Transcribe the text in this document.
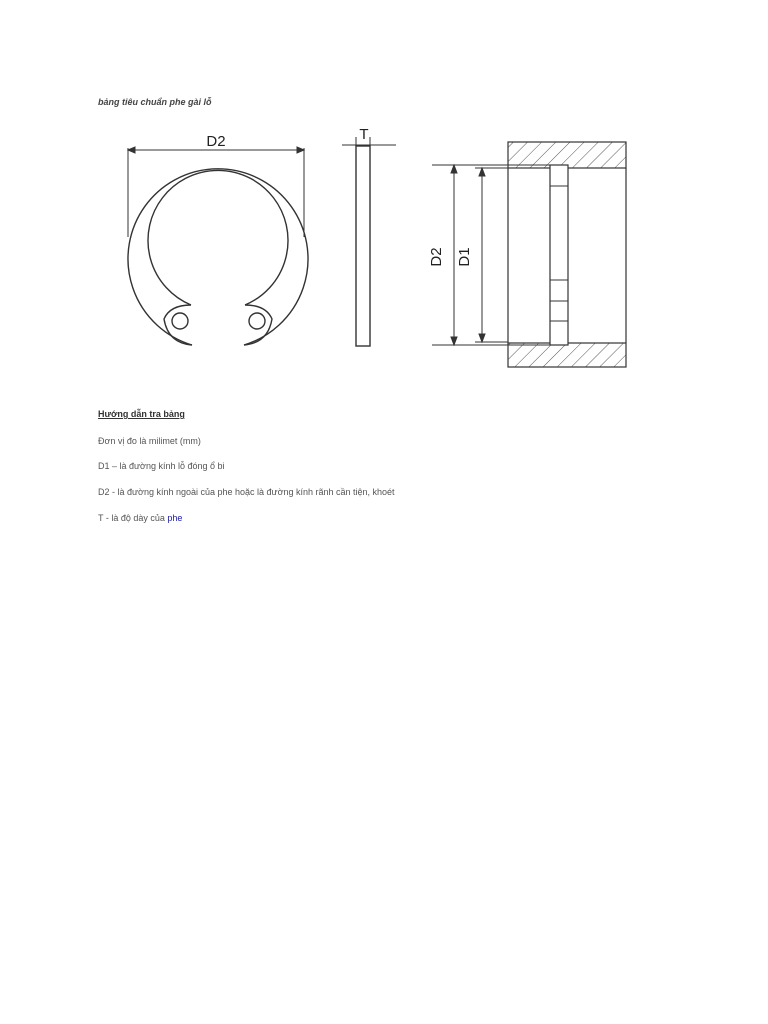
bảng tiêu chuẩn phe gài lỗ
D2	T
D2 D1
Hướng dẫn tra bảng
Đơn vị đo là milimet (mm)
D1 – là đường kính lỗ đóng ổ bi
D2 - là đường kính ngoài của phe hoặc là đường kính rãnh cần tiện, khoét
T - là độ dày của phe
